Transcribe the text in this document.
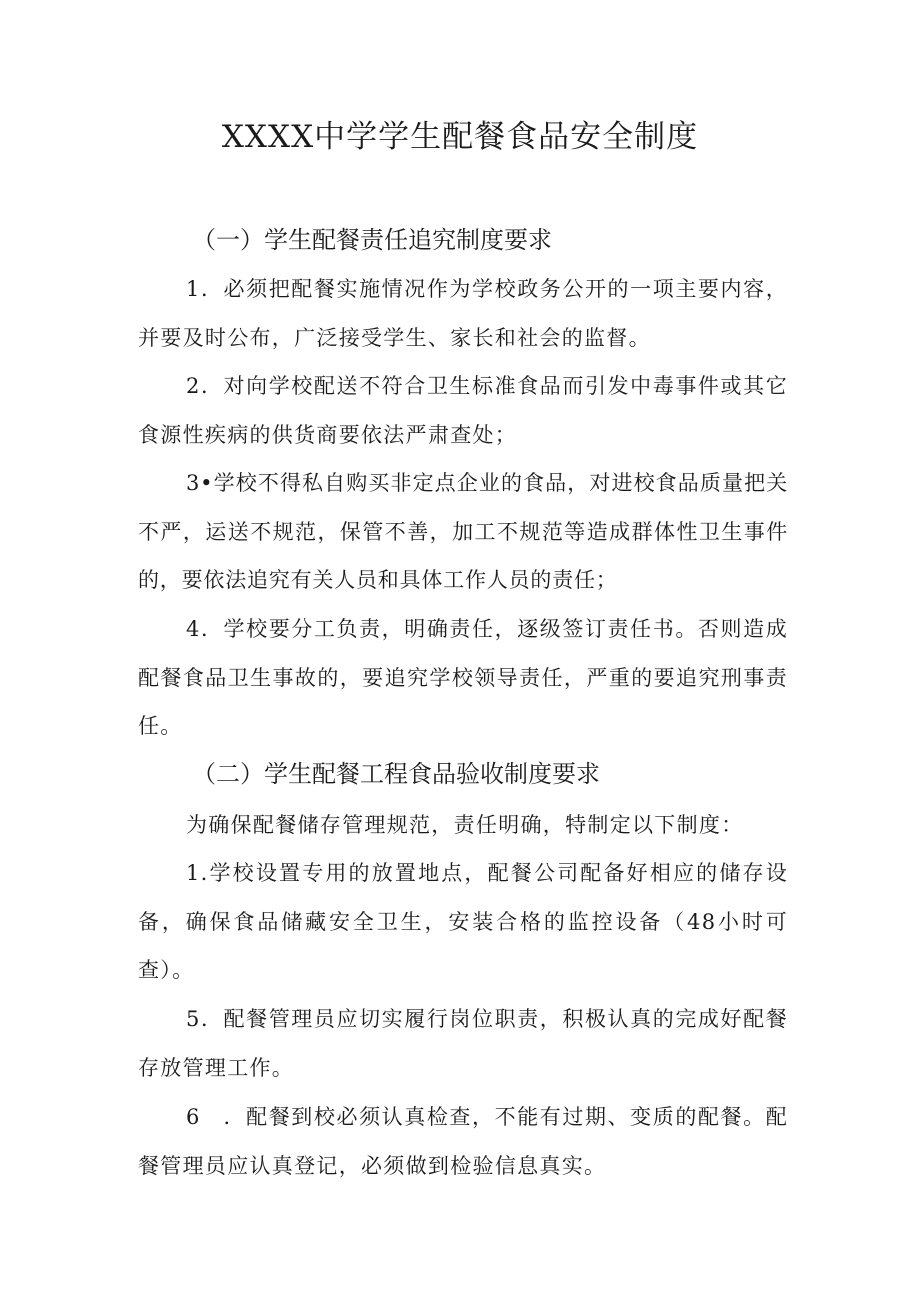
XXXX中学学生配餐食品安全制度
（一）学生配餐责任追究制度要求

1．必须把配餐实施情况作为学校政务公开的一项主要内容，并要及时公布，广泛接受学生、家长和社会的监督。

2．对向学校配送不符合卫生标准食品而引发中毒事件或其它食源性疾病的供货商要依法严肃查处；

3•学校不得私自购买非定点企业的食品，对进校食品质量把关不严，运送不规范，保管不善，加工不规范等造成群体性卫生事件的，要依法追究有关人员和具体工作人员的责任；

4．学校要分工负责，明确责任，逐级签订责任书。否则造成配餐食品卫生事故的，要追究学校领导责任，严重的要追究刑事责任。

（二）学生配餐工程食品验收制度要求

为确保配餐储存管理规范，责任明确，特制定以下制度：

1.学校设置专用的放置地点，配餐公司配备好相应的储存设备，确保食品储藏安全卫生，安装合格的监控设备（48小时可查）。

5．配餐管理员应切实履行岗位职责，积极认真的完成好配餐存放管理工作。

6　．配餐到校必须认真检查，不能有过期、变质的配餐。配餐管理员应认真登记，必须做到检验信息真实。
